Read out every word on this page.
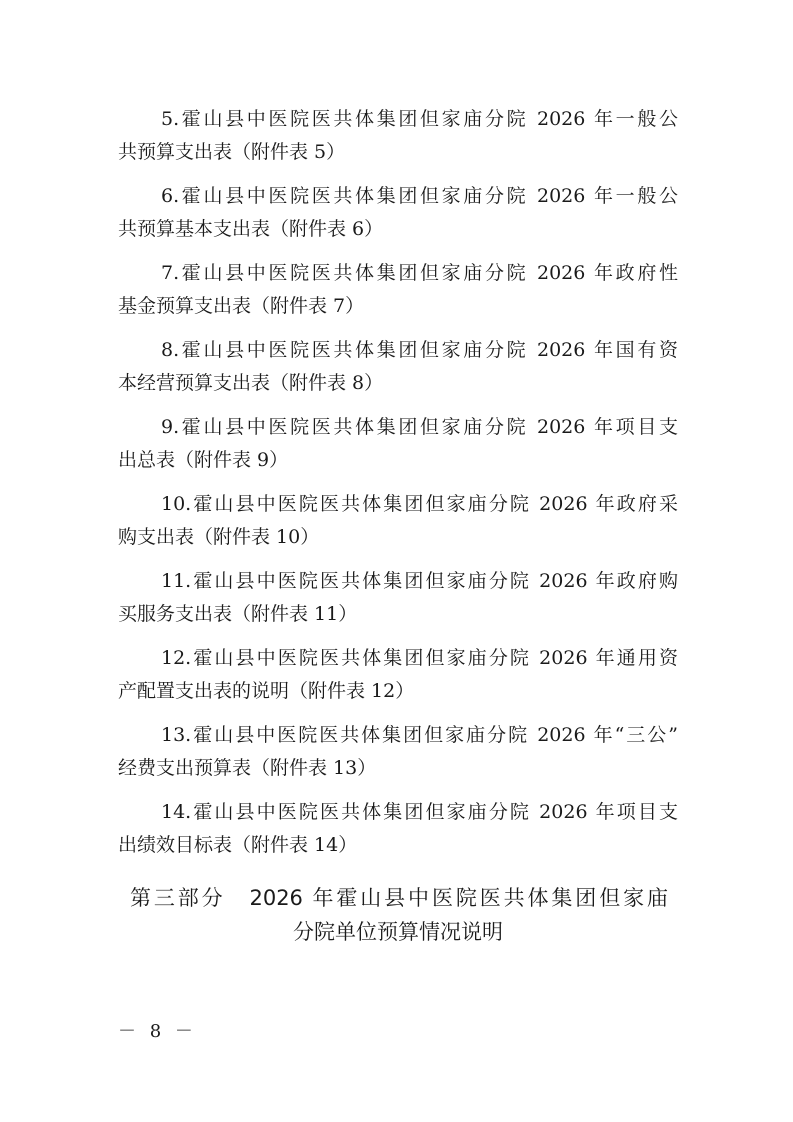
5.霍山县中医院医共体集团但家庙分院 2026 年一般公
共预算支出表（附件表 5）
6.霍山县中医院医共体集团但家庙分院 2026 年一般公
共预算基本支出表（附件表 6）
7.霍山县中医院医共体集团但家庙分院 2026 年政府性
基金预算支出表（附件表 7）
8.霍山县中医院医共体集团但家庙分院 2026 年国有资
本经营预算支出表（附件表 8）
9.霍山县中医院医共体集团但家庙分院 2026 年项目支
出总表（附件表 9）
10.霍山县中医院医共体集团但家庙分院 2026 年政府采
购支出表（附件表 10）
11.霍山县中医院医共体集团但家庙分院 2026 年政府购
买服务支出表（附件表 11）
12.霍山县中医院医共体集团但家庙分院 2026 年通用资
产配置支出表的说明（附件表 12）
13.霍山县中医院医共体集团但家庙分院 2026 年“三公”
经费支出预算表（附件表 13）
14.霍山县中医院医共体集团但家庙分院 2026 年项目支
出绩效目标表（附件表 14）
第三部分　2026 年霍山县中医院医共体集团但家庙
分院单位预算情况说明
－ 8 －
